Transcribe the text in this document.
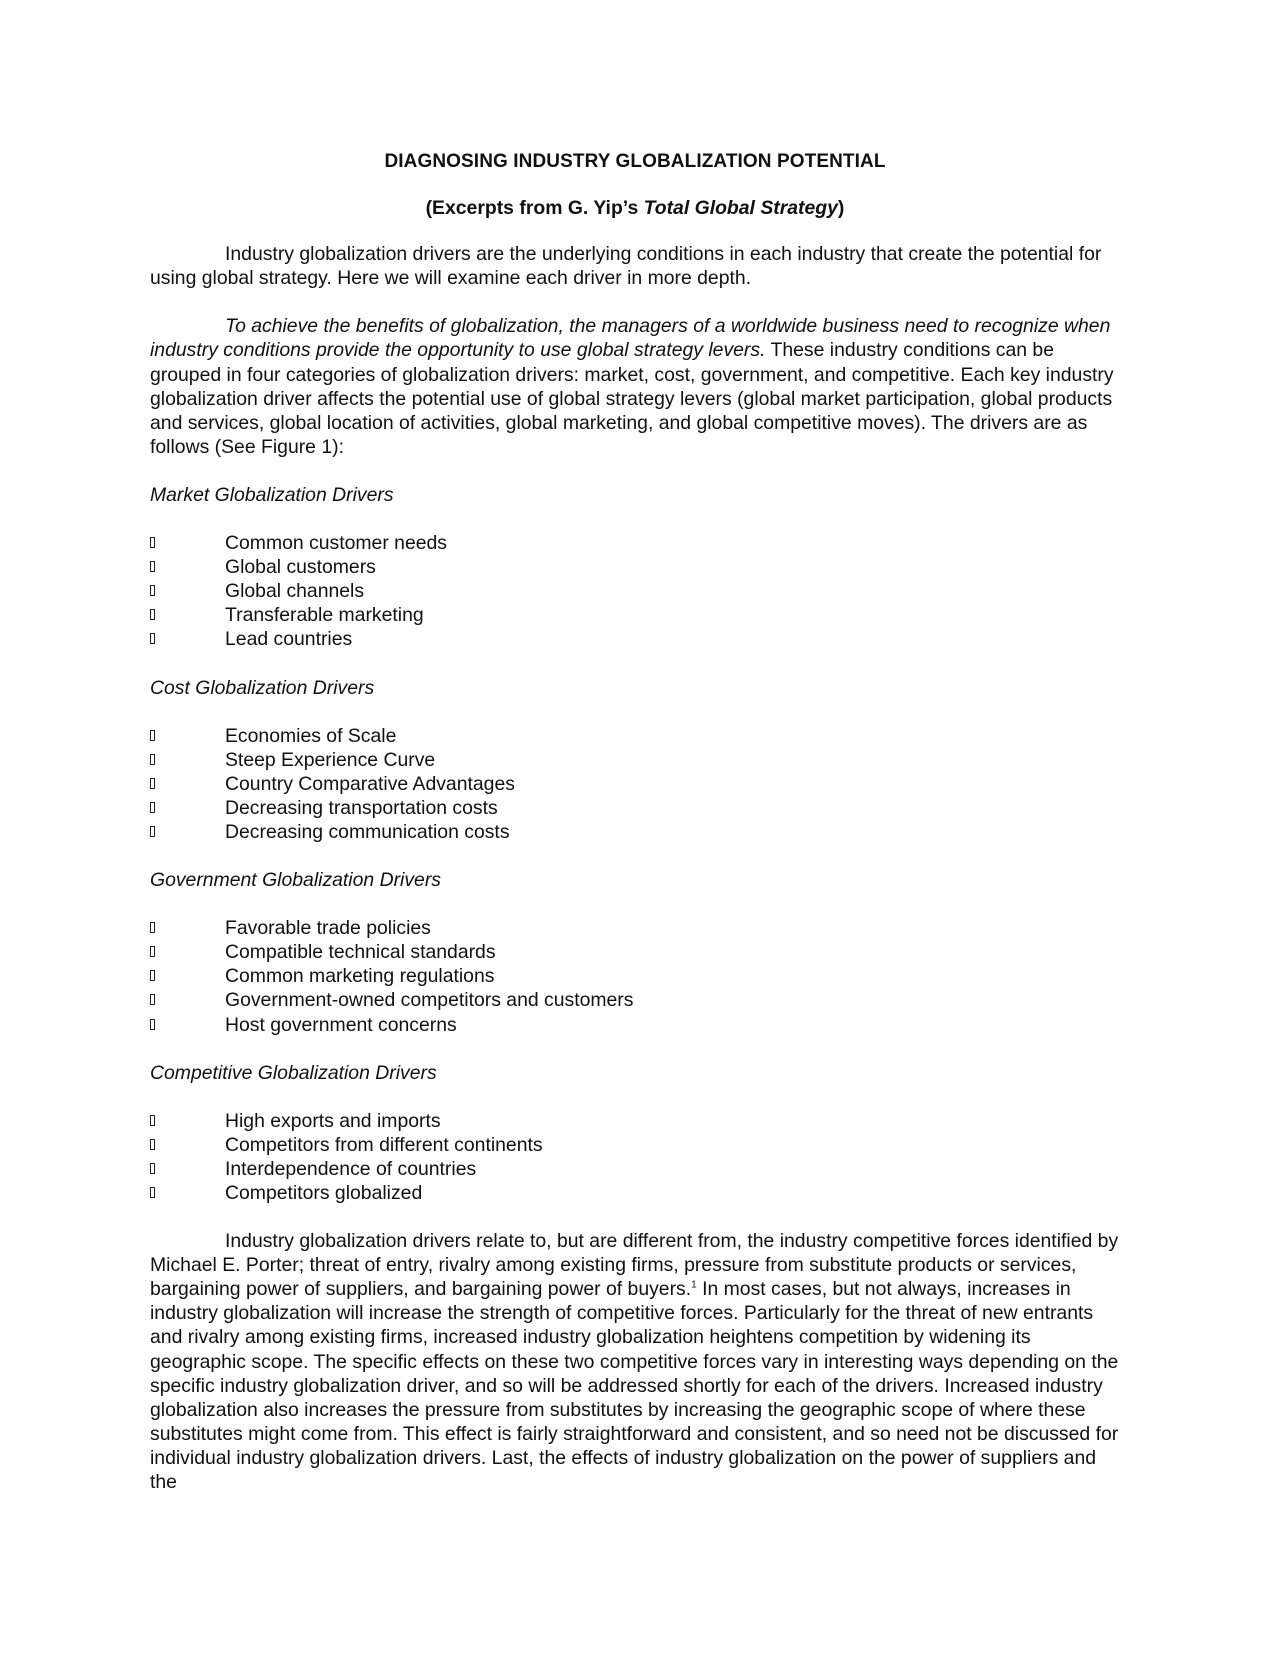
DIAGNOSING INDUSTRY GLOBALIZATION POTENTIAL

(Excerpts from G. Yip’s Total Global Strategy)

Industry globalization drivers are the underlying conditions in each industry that create the potential for using global strategy. Here we will examine each driver in more depth.

To achieve the benefits of globalization, the managers of a worldwide business need to recognize when industry conditions provide the opportunity to use global strategy levers. These industry conditions can be grouped in four categories of globalization drivers: market, cost, government, and competitive. Each key industry globalization driver affects the potential use of global strategy levers (global market participation, global products and services, global location of activities, global marketing, and global competitive moves). The drivers are as follows (See Figure 1):

Market Globalization Drivers

Common customer needs
Global customers
Global channels
Transferable marketing
Lead countries

Cost Globalization Drivers

Economies of Scale
Steep Experience Curve
Country Comparative Advantages
Decreasing transportation costs
Decreasing communication costs

Government Globalization Drivers

Favorable trade policies
Compatible technical standards
Common marketing regulations
Government-owned competitors and customers
Host government concerns

Competitive Globalization Drivers

High exports and imports
Competitors from different continents
Interdependence of countries
Competitors globalized

Industry globalization drivers relate to, but are different from, the industry competitive forces identified by Michael E. Porter; threat of entry, rivalry among existing firms, pressure from substitute products or services, bargaining power of suppliers, and bargaining power of buyers.$^1$ In most cases, but not always, increases in industry globalization will increase the strength of competitive forces. Particularly for the threat of new entrants and rivalry among existing firms, increased industry globalization heightens competition by widening its geographic scope. The specific effects on these two competitive forces vary in interesting ways depending on the specific industry globalization driver, and so will be addressed shortly for each of the drivers. Increased industry globalization also increases the pressure from substitutes by increasing the geographic scope of where these substitutes might come from. This effect is fairly straightforward and consistent, and so need not be discussed for individual industry globalization drivers. Last, the effects of industry globalization on the power of suppliers and the
